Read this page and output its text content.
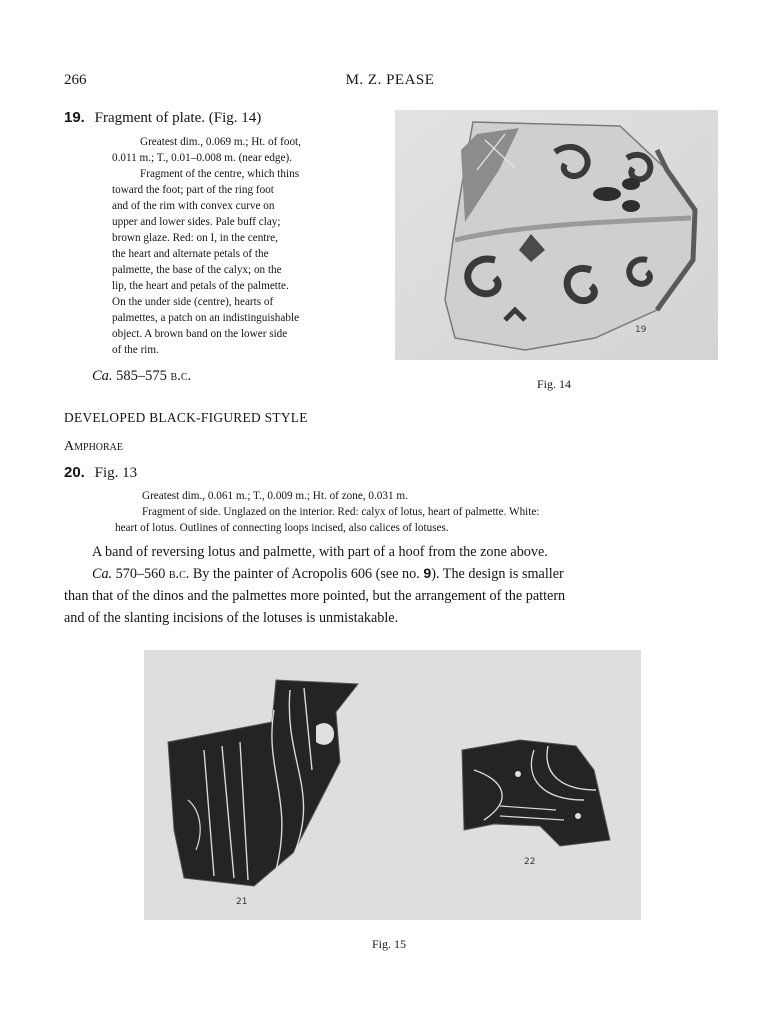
266	M. Z. PEASE
19. Fragment of plate. (Fig. 14)
Greatest dim., 0.069 m.; Ht. of foot,
0.011 m.; T., 0.01–0.008 m. (near edge).
Fragment of the centre, which thins
toward the foot; part of the ring foot
and of the rim with convex curve on
upper and lower sides. Pale buff clay;
brown glaze. Red: on I, in the centre,
the heart and alternate petals of the
palmette, the base of the calyx; on the
lip, the heart and petals of the palmette.
On the under side (centre), hearts of
palmettes, a patch on an indistinguishable
object. A brown band on the lower side
of the rim.
Ca. 585–575 b.c.
19
Fig. 14
DEVELOPED BLACK-FIGURED STYLE
Amphorae
20. Fig. 13
Greatest dim., 0.061 m.; T., 0.009 m.; Ht. of zone, 0.031 m.
Fragment of side. Unglazed on the interior. Red: calyx of lotus, heart of palmette. White:
heart of lotus. Outlines of connecting loops incised, also calices of lotuses.
A band of reversing lotus and palmette, with part of a hoof from the zone above.
Ca. 570–560 b.c. By the painter of Acropolis 606 (see no. 9). The design is smaller
than that of the dinos and the palmettes more pointed, but the arrangement of the pattern
and of the slanting incisions of the lotuses is unmistakable.
21
22
Fig. 15
